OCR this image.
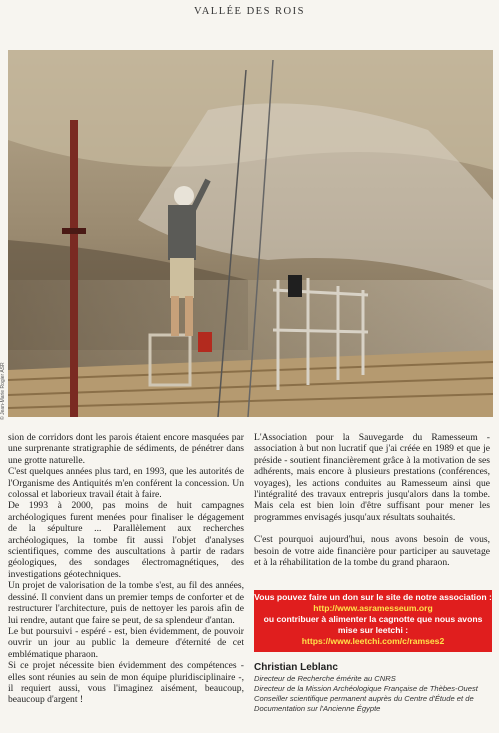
VALLÉE DES ROIS
© Jean-Marie Rogier ASR

sion de corridors dont les parois étaient encore masquées par une surprenante stratigraphie de sédiments, de pénétrer dans une grotte naturelle.

C'est quelques années plus tard, en 1993, que les autorités de l'Organisme des Antiquités m'en conférent la concession. Un colossal et laborieux travail était à faire.

De 1993 à 2000, pas moins de huit campagnes archéologiques furent menées pour finaliser le dégagement de la sépulture ... Parallèlement aux recherches archéologiques, la tombe fit aussi l'objet d'analyses scientifiques, comme des auscultations à partir de radars géologiques, des sondages électromagnétiques, des investigations géotechniques.

Un projet de valorisation de la tombe s'est, au fil des années, dessiné. Il convient dans un premier temps de conforter et de restructurer l'architecture, puis de nettoyer les parois afin de lui rendre, autant que faire se peut, de sa splendeur d'antan.

Le but poursuivi - espéré - est, bien évidemment, de pouvoir ouvrir un jour au public la demeure d'éternité de cet emblématique pharaon.

Si ce projet nécessite bien évidemment des compétences - elles sont réunies au sein de mon équipe pluridisciplinaire -, il requiert aussi, vous l'imaginez aisément, beaucoup, beaucoup d'argent !

L'Association pour la Sauvegarde du Ramesseum - association à but non lucratif que j'ai créée en 1989 et que je préside - soutient financièrement grâce à la motivation de ses adhérents, mais encore à plusieurs prestations (conférences, voyages), les actions conduites au Ramesseum ainsi que l'intégralité des travaux entrepris jusqu'alors dans la tombe. Mais cela est bien loin d'être suffisant pour mener les programmes envisagés jusqu'aux résultats souhaités.

C'est pourquoi aujourd'hui, nous avons besoin de vous, besoin de votre aide financière pour participer au sauvetage et à la réhabilitation de la tombe du grand pharaon.

Vous pouvez faire un don sur le site de notre association :
http://www.asramesseum.org
ou contribuer à alimenter la cagnotte que nous avons mise sur leetchi :
https://www.leetchi.com/c/ramses2
Christian Leblanc
Directeur de Recherche émérite au CNRS
Directeur de la Mission Archéologique Française de Thèbes-Ouest
Conseiller scientifique permanent auprès du Centre d'Étude et de Documentation sur l'Ancienne Égypte
